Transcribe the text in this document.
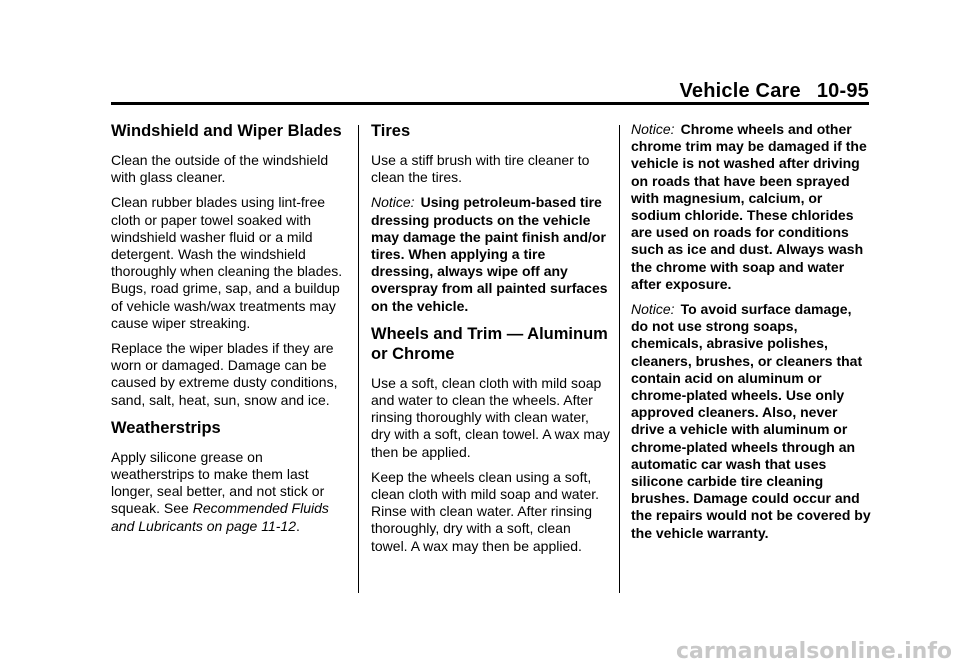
Vehicle Care 10-95
Windshield and Wiper Blades

Clean the outside of the windshield with glass cleaner.

Clean rubber blades using lint-free cloth or paper towel soaked with windshield washer fluid or a mild detergent. Wash the windshield thoroughly when cleaning the blades. Bugs, road grime, sap, and a buildup of vehicle wash/wax treatments may cause wiper streaking.

Replace the wiper blades if they are worn or damaged. Damage can be caused by extreme dusty conditions, sand, salt, heat, sun, snow and ice.

Weatherstrips

Apply silicone grease on weatherstrips to make them last longer, seal better, and not stick or squeak. See Recommended Fluids and Lubricants on page 11-12.

Tires

Use a stiff brush with tire cleaner to clean the tires.

Notice: Using petroleum-based tire dressing products on the vehicle may damage the paint finish and/or tires. When applying a tire dressing, always wipe off any overspray from all painted surfaces on the vehicle.

Wheels and Trim — Aluminum or Chrome

Use a soft, clean cloth with mild soap and water to clean the wheels. After rinsing thoroughly with clean water, dry with a soft, clean towel. A wax may then be applied.

Keep the wheels clean using a soft, clean cloth with mild soap and water. Rinse with clean water. After rinsing thoroughly, dry with a soft, clean towel. A wax may then be applied.

Notice: Chrome wheels and other chrome trim may be damaged if the vehicle is not washed after driving on roads that have been sprayed with magnesium, calcium, or sodium chloride. These chlorides are used on roads for conditions such as ice and dust. Always wash the chrome with soap and water after exposure.

Notice: To avoid surface damage, do not use strong soaps, chemicals, abrasive polishes, cleaners, brushes, or cleaners that contain acid on aluminum or chrome-plated wheels. Use only approved cleaners. Also, never drive a vehicle with aluminum or chrome-plated wheels through an automatic car wash that uses silicone carbide tire cleaning brushes. Damage could occur and the repairs would not be covered by the vehicle warranty.

carmanualsonline.info
